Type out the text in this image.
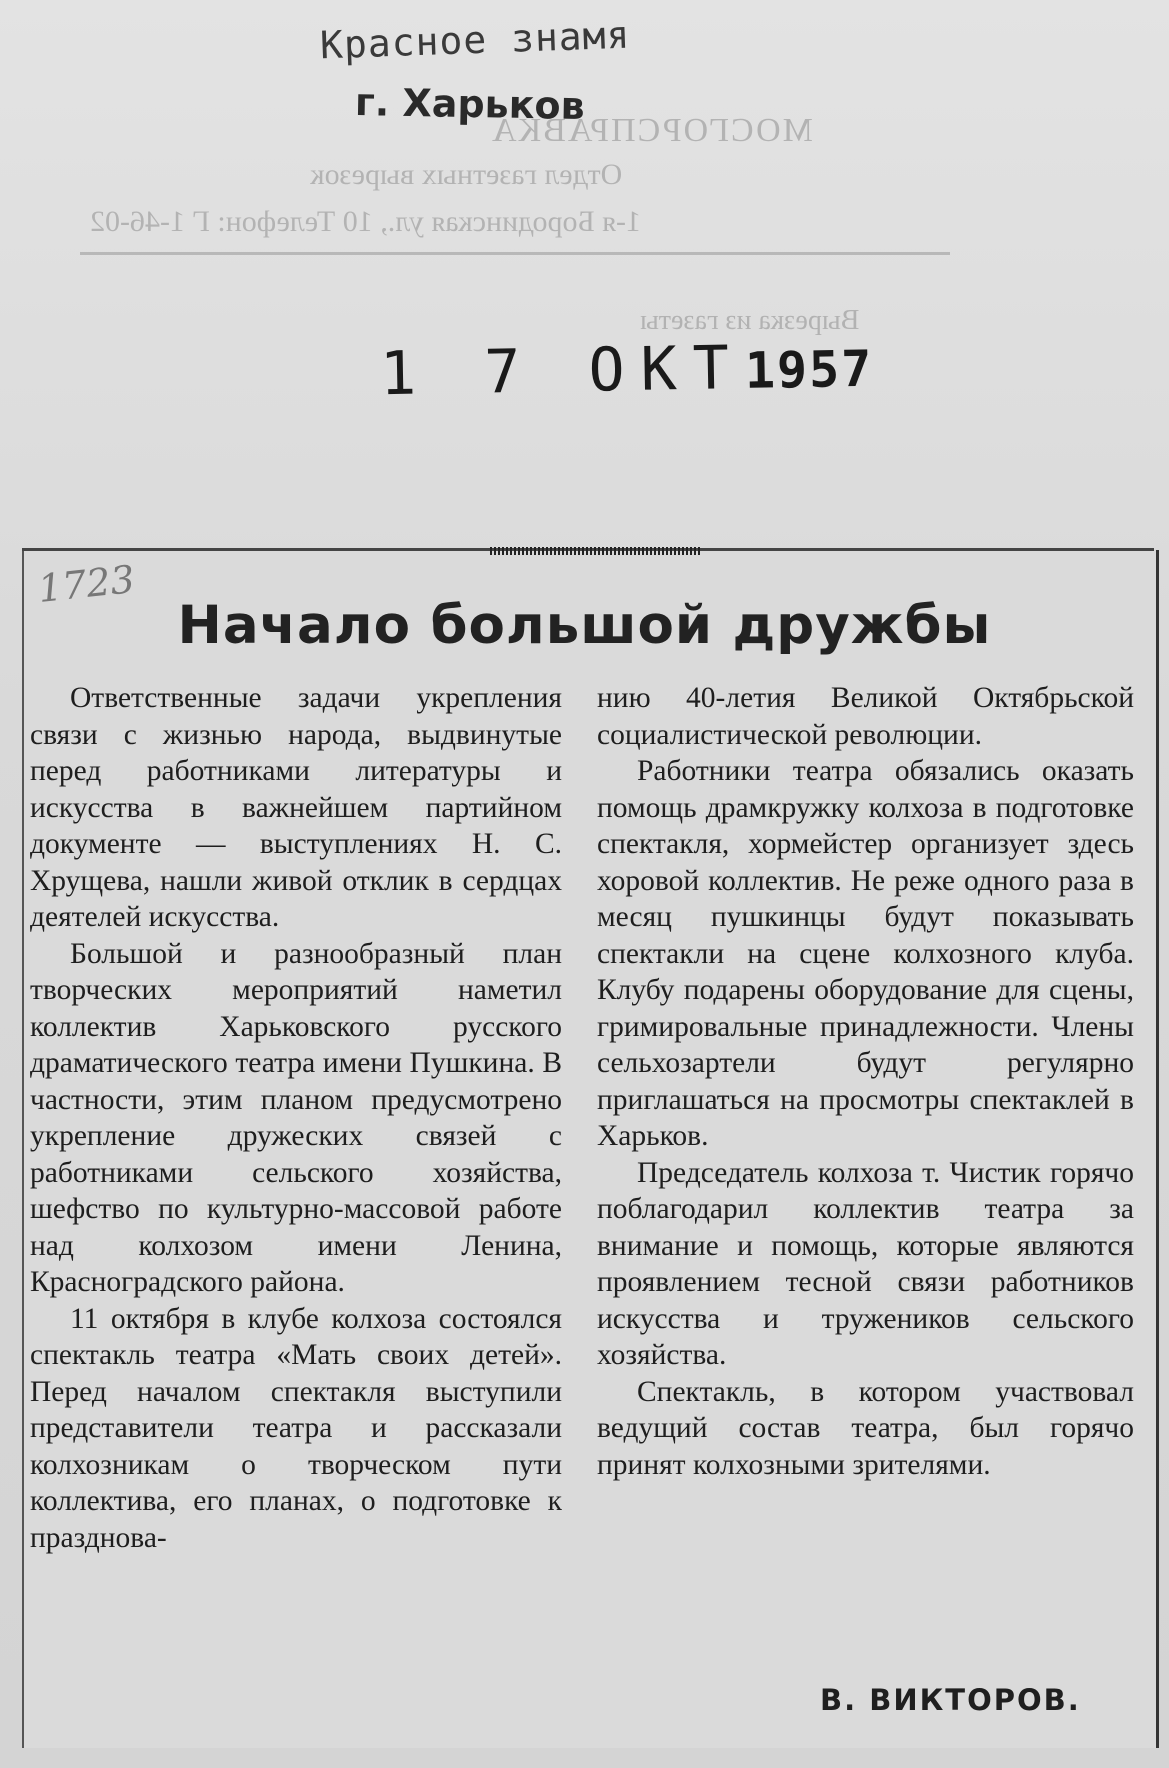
Красное знамя
г. Харьков
МОСГОРСПРАВКА
Отдел газетных вырезок
1-я Бородинская ул., 10 Телефон: Г 1-46-02
Вырезка из газеты
1 7 ОКТ1957
1723
Начало большой дружбы

Ответственные задачи укрепления связи с жизнью народа, выдвинутые перед работниками литературы и искусства в важнейшем партийном документе — выступлениях Н. С. Хрущева, нашли живой отклик в сердцах деятелей искусства.

Большой и разнообразный план творческих мероприятий наметил коллектив Харьковского русского драматического театра имени Пушкина. В частности, этим планом предусмотрено укрепление дружеских связей с работниками сельского хозяйства, шефство по культурно-массовой работе над колхозом имени Ленина, Красноградского района.

11 октября в клубе колхоза состоялся спектакль театра «Мать своих детей». Перед началом спектакля выступили представители театра и рассказали колхозникам о творческом пути коллектива, его планах, о подготовке к празднова-

нию 40-летия Великой Октябрьской социалистической революции.

Работники театра обязались оказать помощь драмкружку колхоза в подготовке спектакля, хормейстер организует здесь хоровой коллектив. Не реже одного раза в месяц пушкинцы будут показывать спектакли на сцене колхозного клуба. Клубу подарены оборудование для сцены, гримировальные принадлежности. Члены сельхозартели будут регулярно приглашаться на просмотры спектаклей в Харьков.

Председатель колхоза т. Чистик горячо поблагодарил коллектив театра за внимание и помощь, которые являются проявлением тесной связи работников искусства и тружеников сельского хозяйства.

Спектакль, в котором участвовал ведущий состав театра, был горячо принят колхозными зрителями.

В. ВИКТОРОВ.
